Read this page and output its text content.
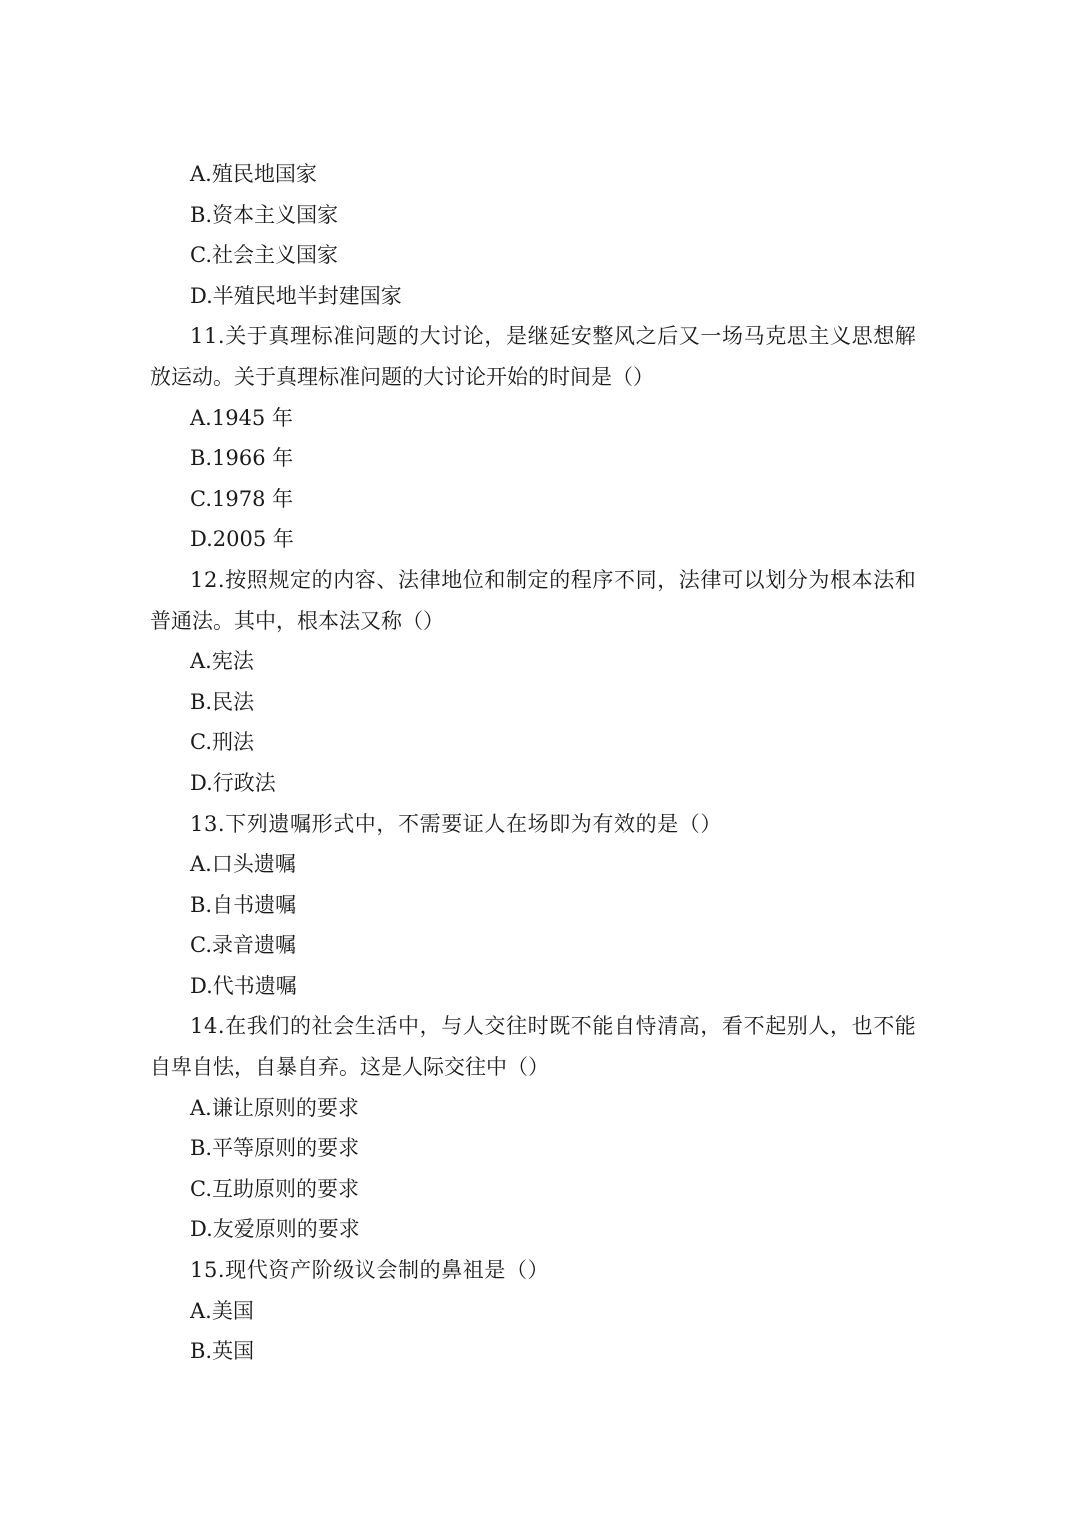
A.殖民地国家
B.资本主义国家
C.社会主义国家
D.半殖民地半封建国家
11.关于真理标准问题的大讨论，是继延安整风之后又一场马克思主义思想解
放运动。关于真理标准问题的大讨论开始的时间是（）
A.1945 年
B.1966 年
C.1978 年
D.2005 年
12.按照规定的内容、法律地位和制定的程序不同，法律可以划分为根本法和
普通法。其中，根本法又称（）
A.宪法
B.民法
C.刑法
D.行政法
13.下列遗嘱形式中，不需要证人在场即为有效的是（）
A.口头遗嘱
B.自书遗嘱
C.录音遗嘱
D.代书遗嘱
14.在我们的社会生活中，与人交往时既不能自恃清高，看不起别人，也不能
自卑自怯，自暴自弃。这是人际交往中（）
A.谦让原则的要求
B.平等原则的要求
C.互助原则的要求
D.友爱原则的要求
15.现代资产阶级议会制的鼻祖是（）
A.美国
B.英国
